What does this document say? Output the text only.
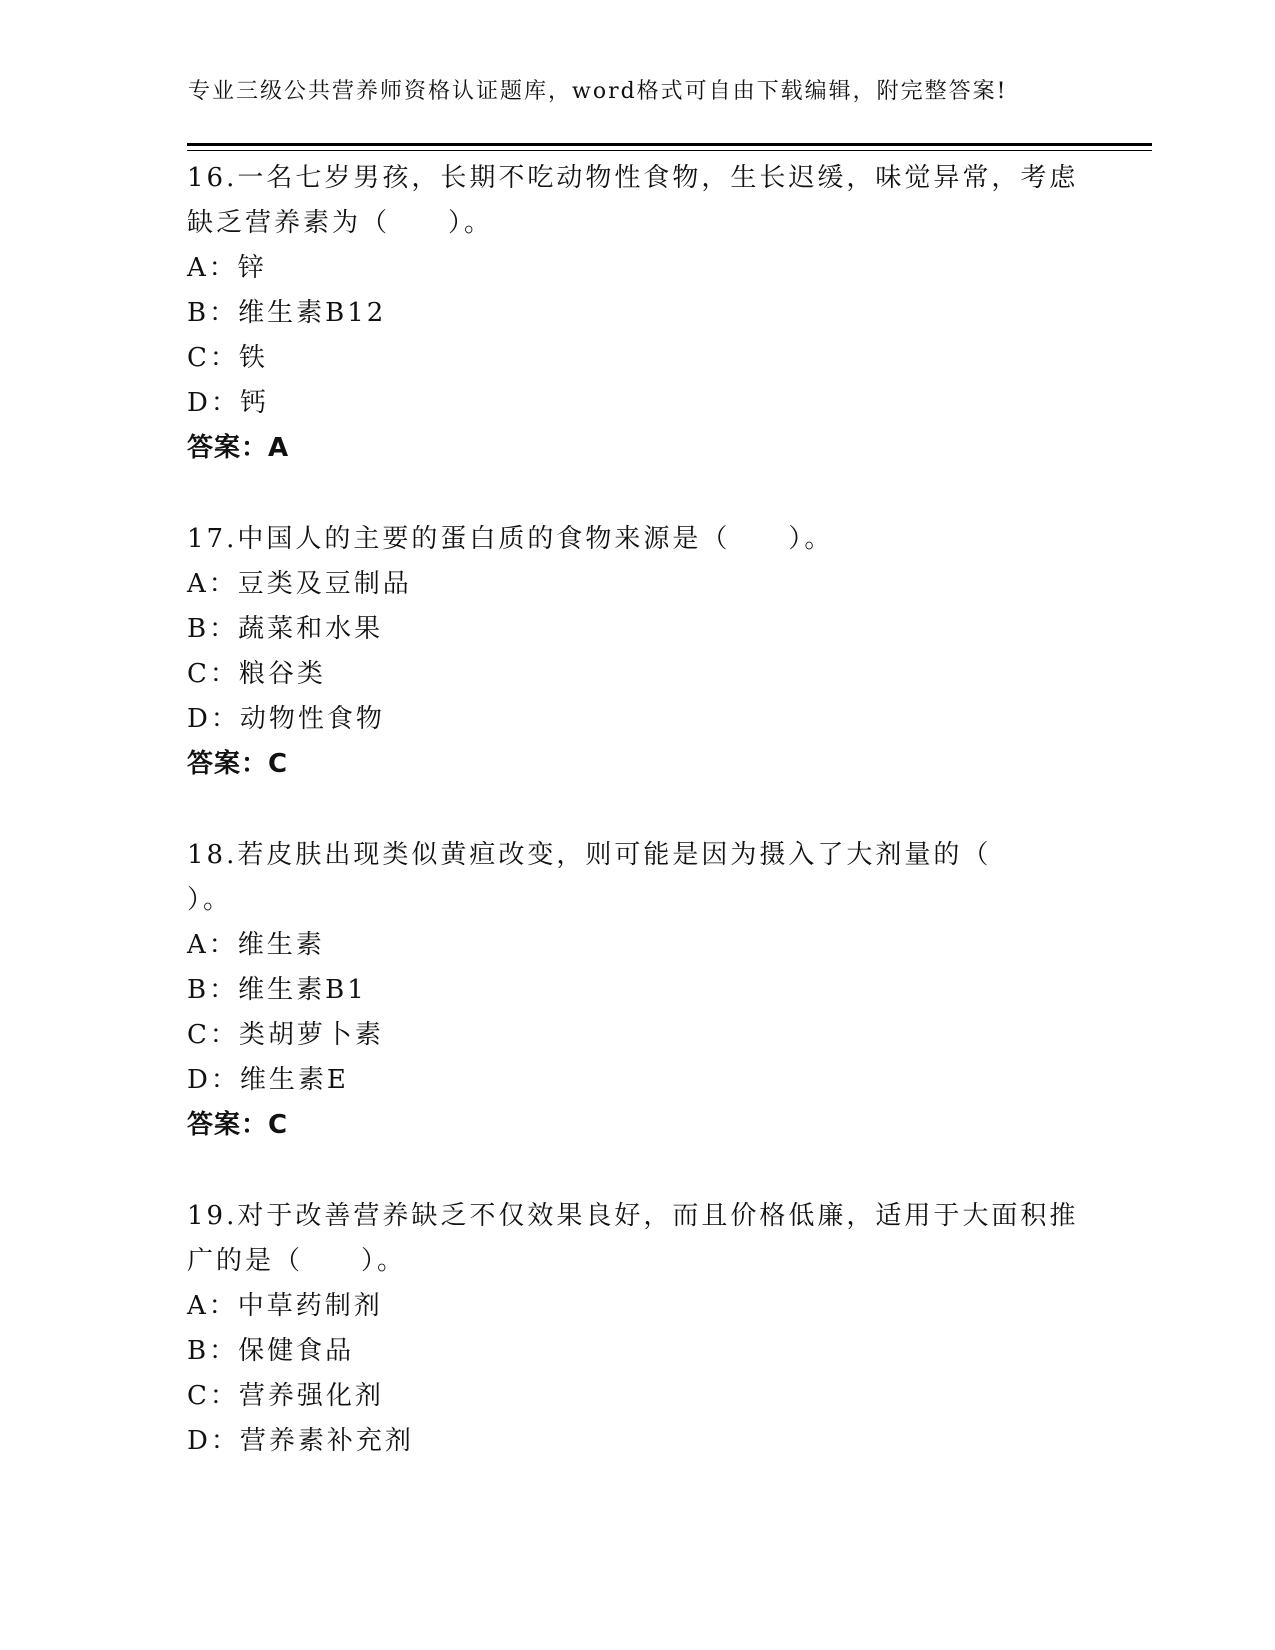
专业三级公共营养师资格认证题库，word格式可自由下载编辑，附完整答案!

16.一名七岁男孩，长期不吃动物性食物，生长迟缓，味觉异常，考虑缺乏营养素为（　　）。

A：锌

B：维生素B12

C：铁

D：钙

答案：A

17.中国人的主要的蛋白质的食物来源是（　　）。

A：豆类及豆制品

B：蔬菜和水果

C：粮谷类

D：动物性食物

答案：C

18.若皮肤出现类似黄疸改变，则可能是因为摄入了大剂量的（　　）。

A：维生素

B：维生素B1

C：类胡萝卜素

D：维生素E

答案：C

19.对于改善营养缺乏不仅效果良好，而且价格低廉，适用于大面积推广的是（　　）。

A：中草药制剂

B：保健食品

C：营养强化剂

D：营养素补充剂
